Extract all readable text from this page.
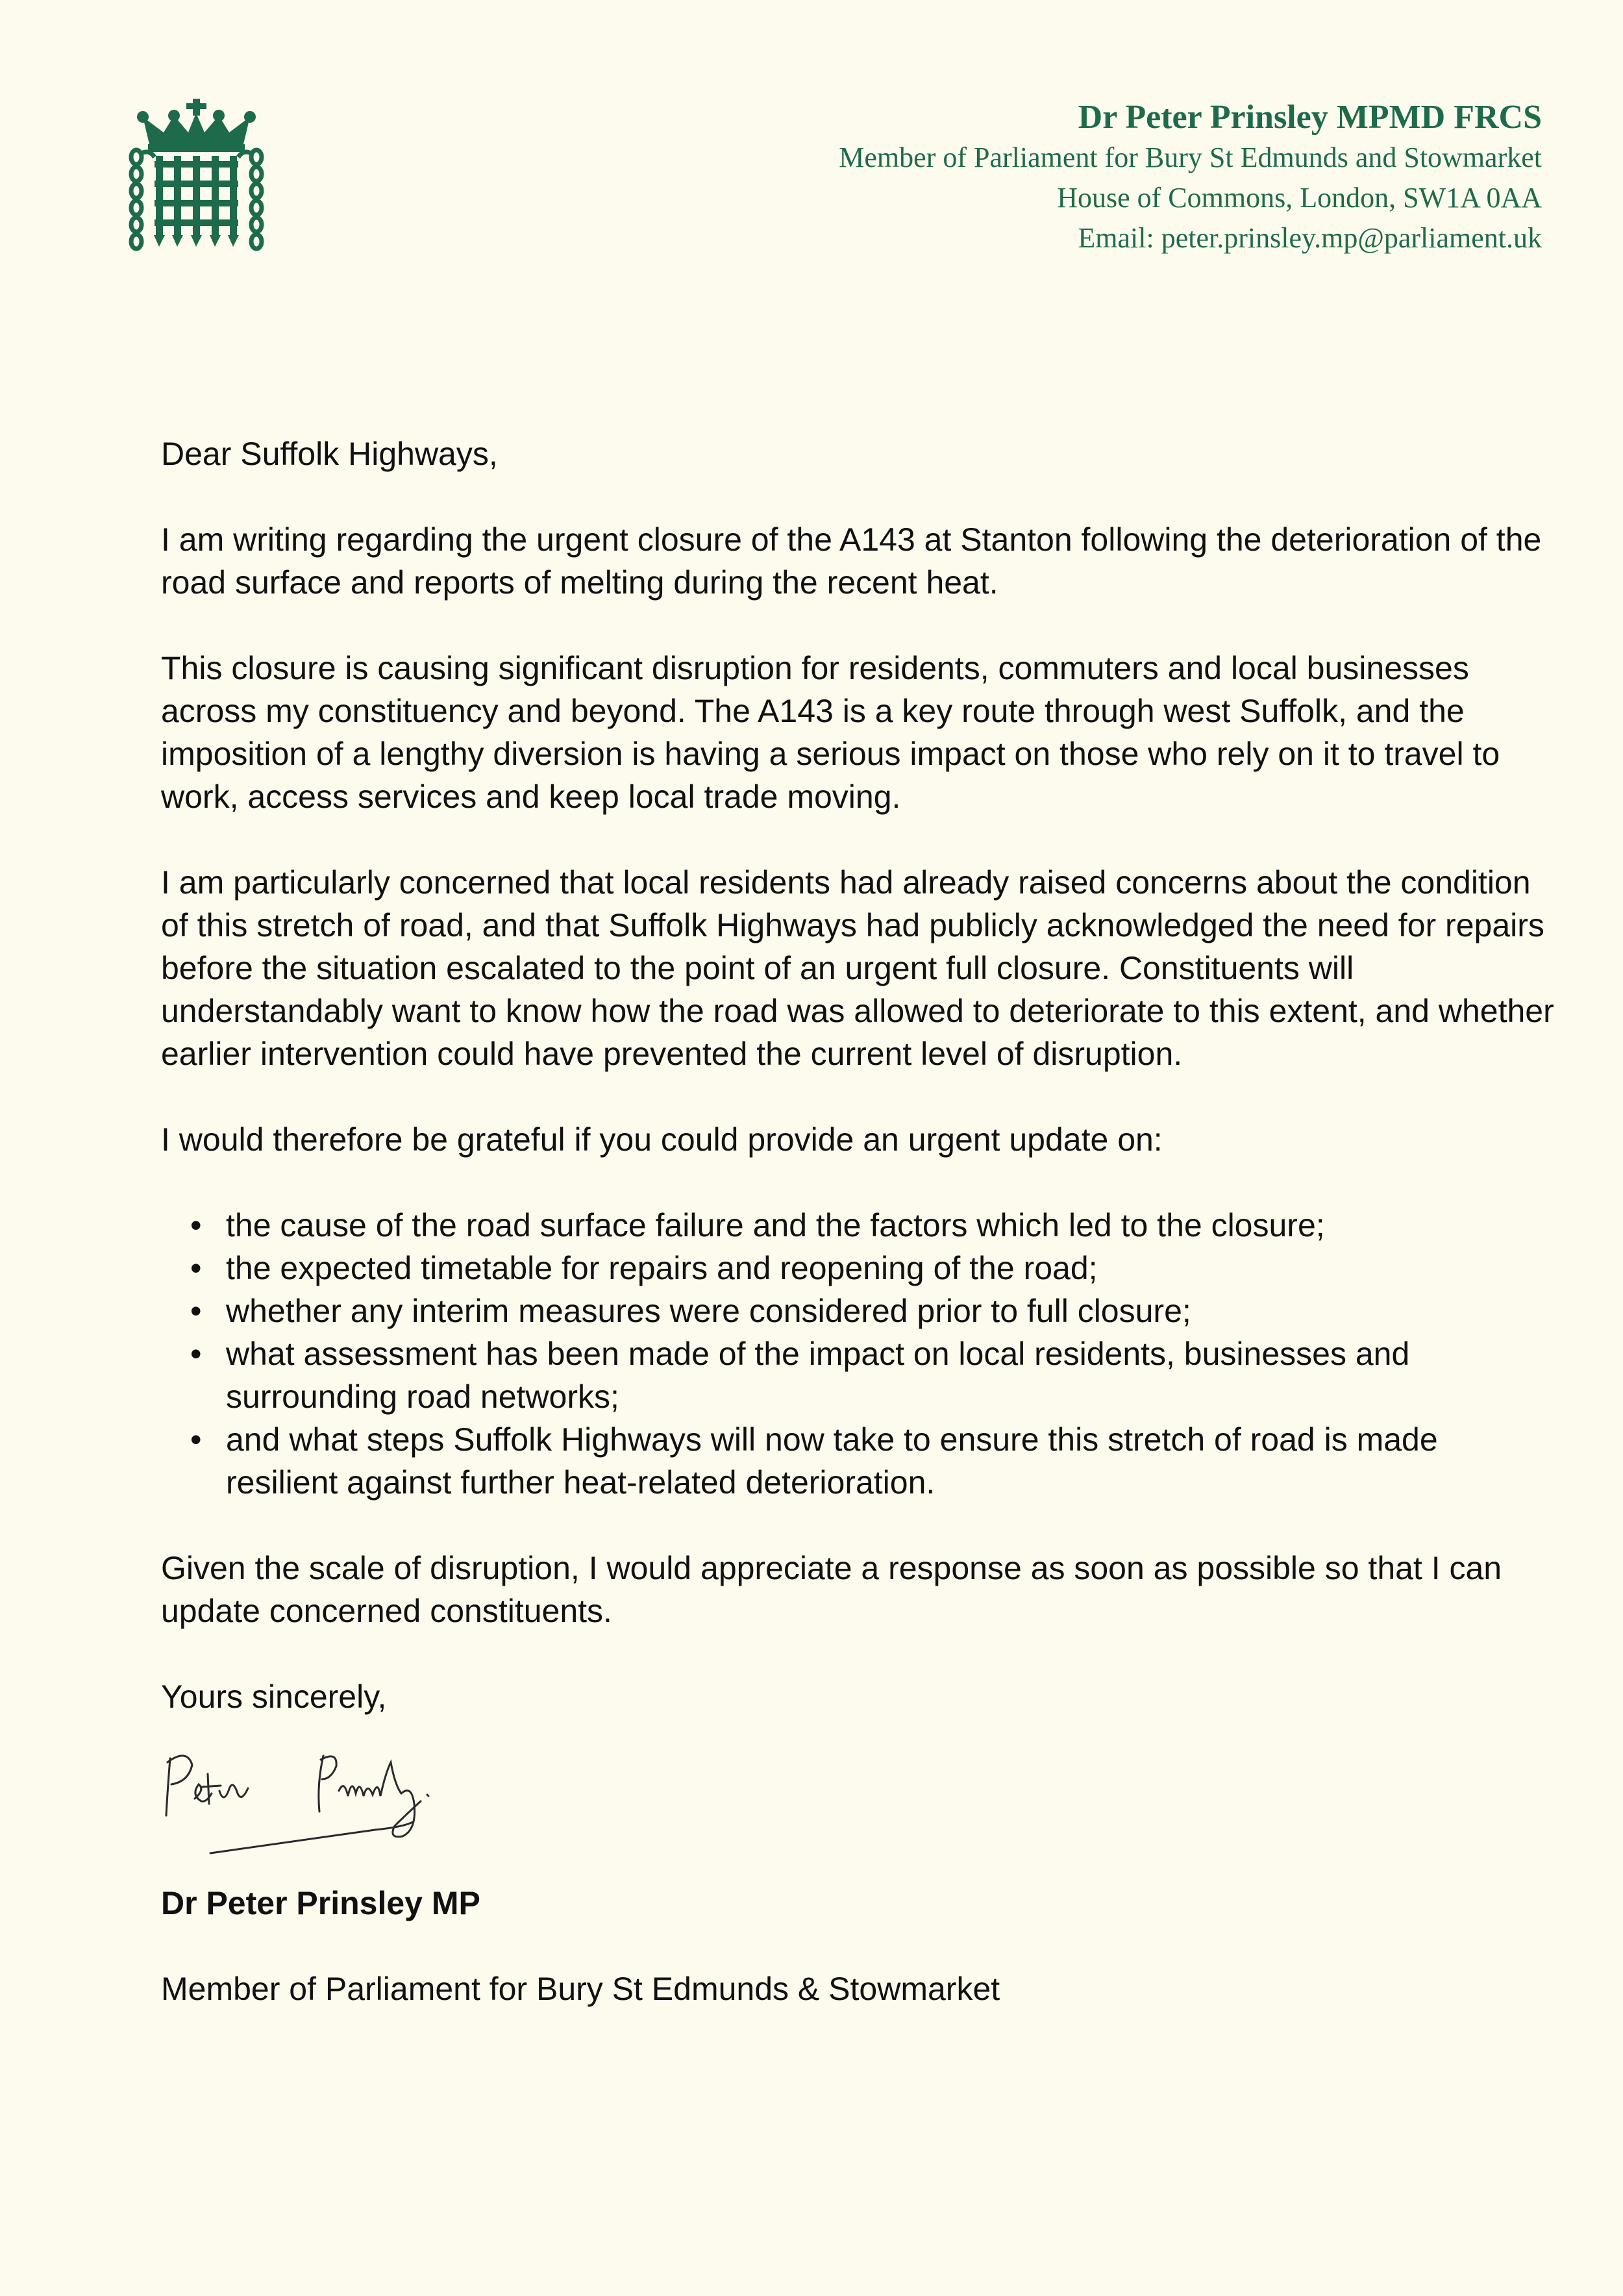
Dr Peter Prinsley MPMD FRCS
Member of Parliament for Bury St Edmunds and Stowmarket
House of Commons, London, SW1A 0AA
Email: peter.prinsley.mp@parliament.uk

Dear Suffolk Highways,

I am writing regarding the urgent closure of the A143 at Stanton following the deterioration of the road surface and reports of melting during the recent heat.

This closure is causing significant disruption for residents, commuters and local businesses across my constituency and beyond. The A143 is a key route through west Suffolk, and the imposition of a lengthy diversion is having a serious impact on those who rely on it to travel to work, access services and keep local trade moving.

I am particularly concerned that local residents had already raised concerns about the condition of this stretch of road, and that Suffolk Highways had publicly acknowledged the need for repairs before the situation escalated to the point of an urgent full closure. Constituents will understandably want to know how the road was allowed to deteriorate to this extent, and whether earlier intervention could have prevented the current level of disruption.

I would therefore be grateful if you could provide an urgent update on:

• the cause of the road surface failure and the factors which led to the closure;
• the expected timetable for repairs and reopening of the road;
• whether any interim measures were considered prior to full closure;
• what assessment has been made of the impact on local residents, businesses and surrounding road networks;
• and what steps Suffolk Highways will now take to ensure this stretch of road is made resilient against further heat-related deterioration.

Given the scale of disruption, I would appreciate a response as soon as possible so that I can update concerned constituents.

Yours sincerely,

Dr Peter Prinsley MP

Member of Parliament for Bury St Edmunds & Stowmarket
